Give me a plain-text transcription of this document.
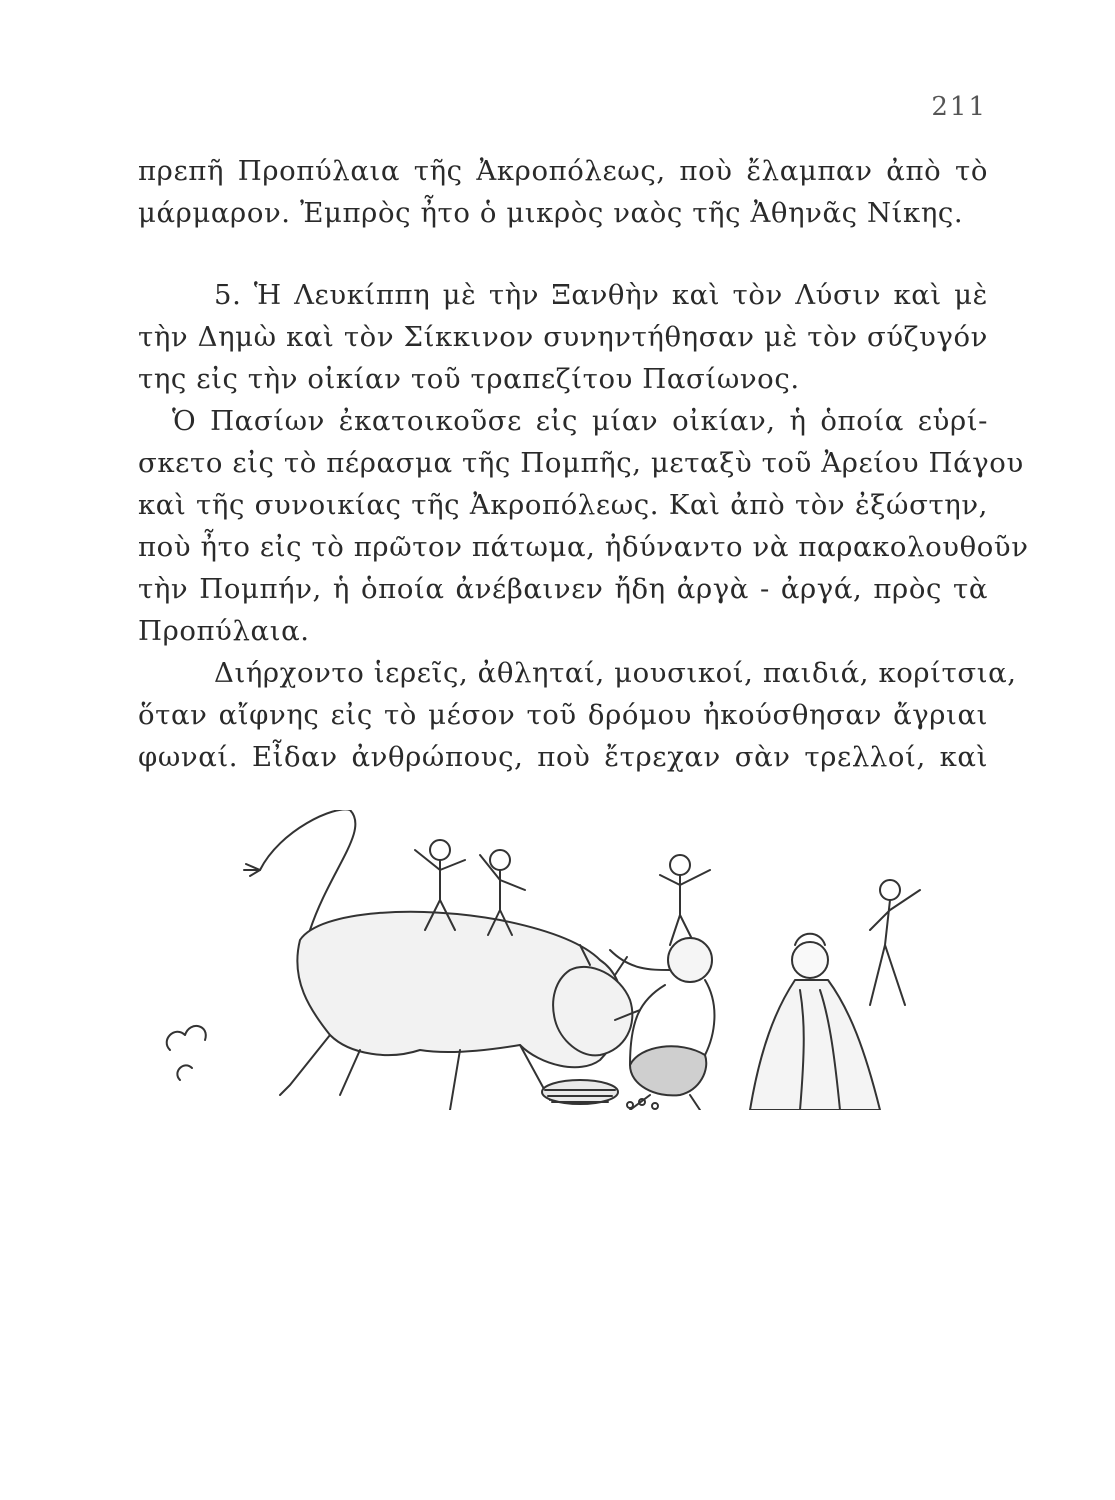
211
πρεπῆ Προπύλαια τῆς Ἀκροπόλεως, ποὺ ἔλαμπαν ἀπὸ τὸ
μάρμαρον. Ἐμπρὸς ἦτο ὁ μικρὸς ναὸς τῆς Ἀθηνᾶς Νίκης.
5. Ἡ Λευκίππη μὲ τὴν Ξανθὴν καὶ τὸν Λύσιν καὶ μὲ
τὴν Δημὼ καὶ τὸν Σίκκινον συνηντήθησαν μὲ τὸν σύζυγόν
της εἰς τὴν οἰκίαν τοῦ τραπεζίτου Πασίωνος.
Ὁ Πασίων ἐκατοικοῦσε εἰς μίαν οἰκίαν, ἡ ὁποία εὑρί-
σκετο εἰς τὸ πέρασμα τῆς Πομπῆς, μεταξὺ τοῦ Ἀρείου Πάγου
καὶ τῆς συνοικίας τῆς Ἀκροπόλεως. Καὶ ἀπὸ τὸν ἐξώστην,
ποὺ ἦτο εἰς τὸ πρῶτον πάτωμα, ἠδύναντο νὰ παρακολουθοῦν
τὴν Πομπήν, ἡ ὁποία ἀνέβαινεν ἤδη ἀργὰ - ἀργά, πρὸς τὰ
Προπύλαια.
Διήρχοντο ἱερεῖς, ἀθληταί, μουσικοί, παιδιά, κορίτσια,
ὅταν αἴφνης εἰς τὸ μέσον τοῦ δρόμου ἠκούσθησαν ἄγριαι
φωναί. Εἶδαν ἀνθρώπους, ποὺ ἔτρεχαν σὰν τρελλοί, καὶ
